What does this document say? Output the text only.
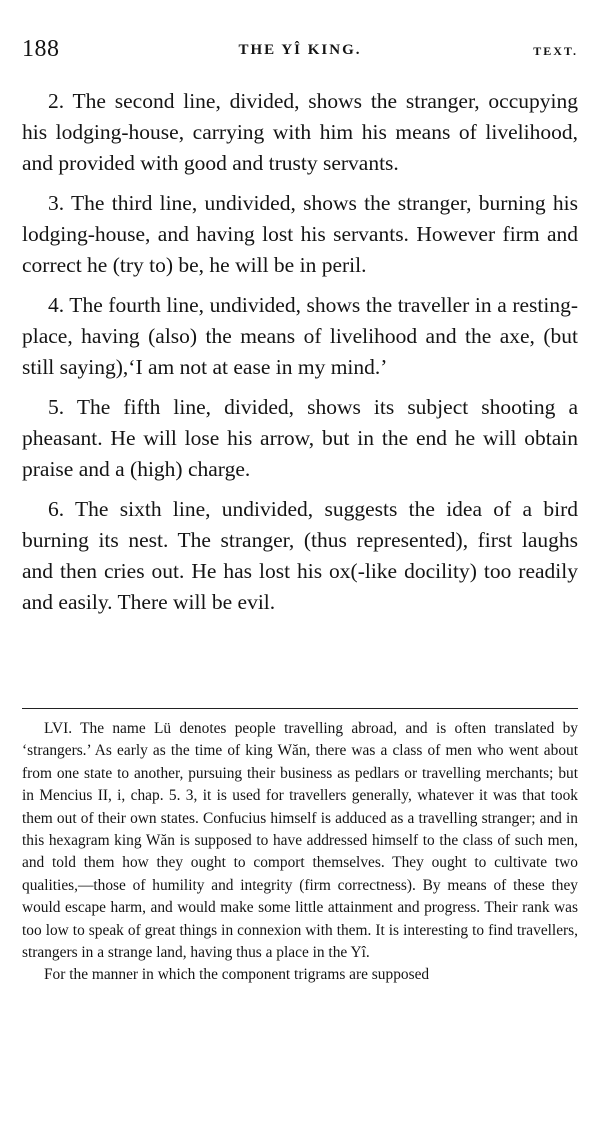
188	THE YÎ KING.	TEXT.

2. The second line, divided, shows the stranger, occupying his lodging-house, carrying with him his means of livelihood, and provided with good and trusty servants.

3. The third line, undivided, shows the stranger, burning his lodging-house, and having lost his servants. However firm and correct he (try to) be, he will be in peril.

4. The fourth line, undivided, shows the traveller in a resting-place, having (also) the means of livelihood and the axe, (but still saying),‘I am not at ease in my mind.’

5. The fifth line, divided, shows its subject shooting a pheasant. He will lose his arrow, but in the end he will obtain praise and a (high) charge.

6. The sixth line, undivided, suggests the idea of a bird burning its nest. The stranger, (thus represented), first laughs and then cries out. He has lost his ox(-like docility) too readily and easily. There will be evil.

LVI. The name Lü denotes people travelling abroad, and is often translated by ‘strangers.’ As early as the time of king Wăn, there was a class of men who went about from one state to another, pursuing their business as pedlars or travelling merchants; but in Mencius II, i, chap. 5. 3, it is used for travellers generally, whatever it was that took them out of their own states. Confucius himself is adduced as a travelling stranger; and in this hexagram king Wăn is supposed to have addressed himself to the class of such men, and told them how they ought to comport themselves. They ought to cultivate two qualities,—those of humility and integrity (firm correctness). By means of these they would escape harm, and would make some little attainment and progress. Their rank was too low to speak of great things in connexion with them. It is interesting to find travellers, strangers in a strange land, having thus a place in the Yî.

For the manner in which the component trigrams are supposed
